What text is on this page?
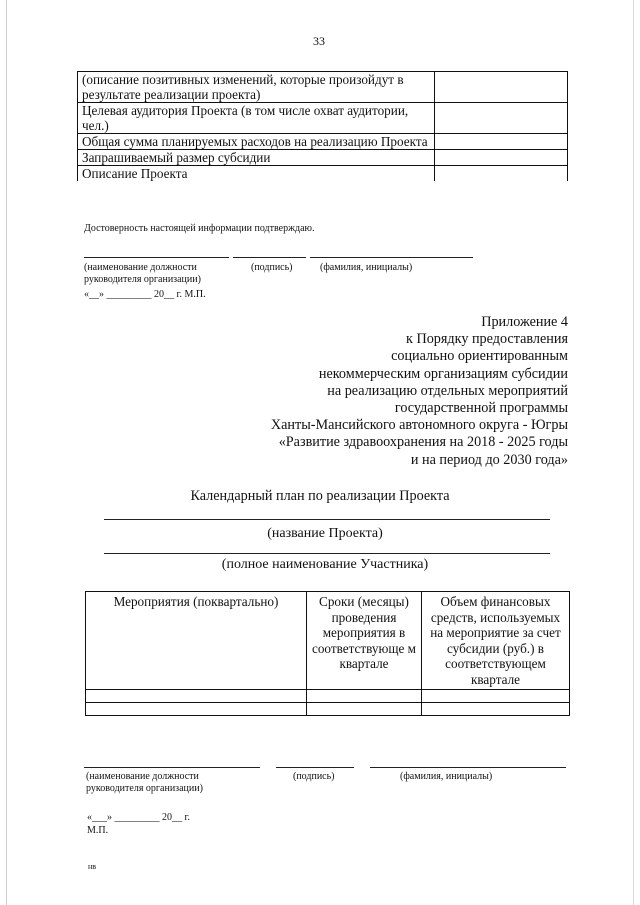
33
(описание позитивных изменений, которые произойдут в результате реализации проекта)	
Целевая аудитория Проекта (в том числе охват аудитории, чел.)	
Общая сумма планируемых расходов на реализацию Проекта	
Запрашиваемый размер субсидии	
Описание Проекта	
Достоверность настоящей информации подтверждаю.
(наименование должности руководителя организации)
(подпись)	(фамилия, инициалы)
«__» _________ 20__ г. М.П.
Приложение 4
к Порядку предоставления
социально ориентированным
некоммерческим организациям субсидии
на реализацию отдельных мероприятий
государственной программы
Ханты-Мансийского автономного округа - Югры
«Развитие здравоохранения на 2018 - 2025 годы
и на период до 2030 года»
Календарный план по реализации Проекта
(название Проекта)
(полное наименование Участника)
Мероприятия (поквартально)	Сроки (месяцы) проведения мероприятия в соответствующе м квартале	Объем финансовых средств, используемых на мероприятие за счет субсидии (руб.) в соответствующем квартале

(наименование должности руководителя организации)
(подпись)	(фамилия, инициалы)
«___» _________ 20__ г.
М.П.
нв
